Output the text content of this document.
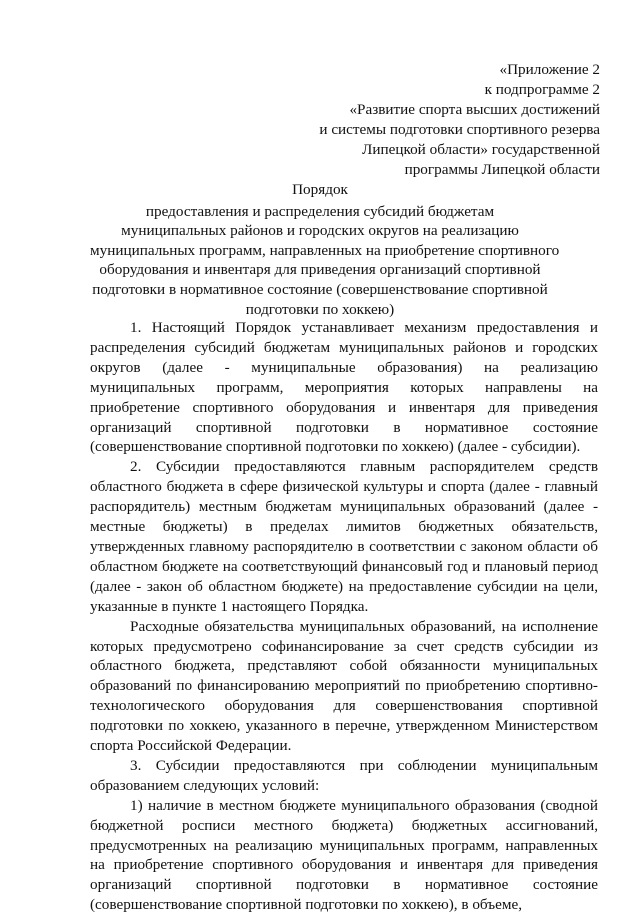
«Приложение 2
к подпрограмме 2
«Развитие спорта высших достижений
и системы подготовки спортивного резерва
Липецкой области» государственной
программы Липецкой области
Порядок
предоставления и распределения субсидий бюджетам
муниципальных районов и городских округов на реализацию
муниципальных программ, направленных на приобретение спортивного
оборудования и инвентаря для приведения организаций спортивной
подготовки в нормативное состояние (совершенствование спортивной
подготовки по хоккею)

1. Настоящий Порядок устанавливает механизм предоставления и распределения субсидий бюджетам муниципальных районов и городских округов (далее - муниципальные образования) на реализацию муниципальных программ, мероприятия которых направлены на приобретение спортивного оборудования и инвентаря для приведения организаций спортивной подготовки в нормативное состояние (совершенствование спортивной подготовки по хоккею) (далее - субсидии).

2. Субсидии предоставляются главным распорядителем средств областного бюджета в сфере физической культуры и спорта (далее - главный распорядитель) местным бюджетам муниципальных образований (далее - местные бюджеты) в пределах лимитов бюджетных обязательств, утвержденных главному распорядителю в соответствии с законом области об областном бюджете на соответствующий финансовый год и плановый период (далее - закон об областном бюджете) на предоставление субсидии на цели, указанные в пункте 1 настоящего Порядка.

Расходные обязательства муниципальных образований, на исполнение которых предусмотрено софинансирование за счет средств субсидии из областного бюджета, представляют собой обязанности муниципальных образований по финансированию мероприятий по приобретению спортивно-технологического оборудования для совершенствования спортивной подготовки по хоккею, указанного в перечне, утвержденном Министерством спорта Российской Федерации.

3. Субсидии предоставляются при соблюдении муниципальным образованием следующих условий:

1) наличие в местном бюджете муниципального образования (сводной бюджетной росписи местного бюджета) бюджетных ассигнований, предусмотренных на реализацию муниципальных программ, направленных на приобретение спортивного оборудования и инвентаря для приведения организаций спортивной подготовки в нормативное состояние (совершенствование спортивной подготовки по хоккею), в объеме,
